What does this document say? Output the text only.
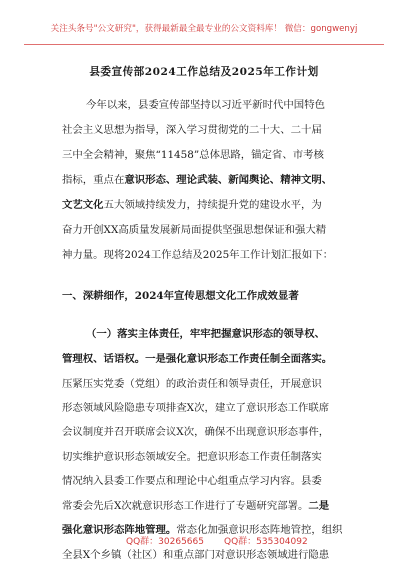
关注头条号"公文研究"，获得最新最全最专业的公文资料库！ 微信：gongwenyj
县委宣传部2024工作总结及2025年工作计划
今年以来，县委宣传部坚持以习近平新时代中国特色
社会主义思想为指导，深入学习贯彻党的二十大、二十届
三中全会精神，聚焦“11458”总体思路，锚定省、市考核
指标，重点在意识形态、理论武装、新闻舆论、精神文明、
文艺文化五大领域持续发力，持续提升党的建设水平，为
奋力开创XX高质量发展新局面提供坚强思想保证和强大精
神力量。现将2024工作总结及2025年工作计划汇报如下：
一、深耕细作，2024年宣传思想文化工作成效显著
（一）落实主体责任，牢牢把握意识形态的领导权、
管理权、话语权。一是强化意识形态工作责任制全面落实。
压紧压实党委（党组）的政治责任和领导责任，开展意识
形态领域风险隐患专项排查X次，建立了意识形态工作联席
会议制度并召开联席会议X次，确保不出现意识形态事件，
切实维护意识形态领域安全。把意识形态工作责任制落实
情况纳入县委工作要点和理论中心组重点学习内容。县委
常委会先后X次就意识形态工作进行了专题研究部署。二是
强化意识形态阵地管理。常态化加强意识形态阵地管控，组织
全县X个乡镇（社区）和重点部门对意识形态领域进行隐患
QQ群：30265665 QQ群：535304092
